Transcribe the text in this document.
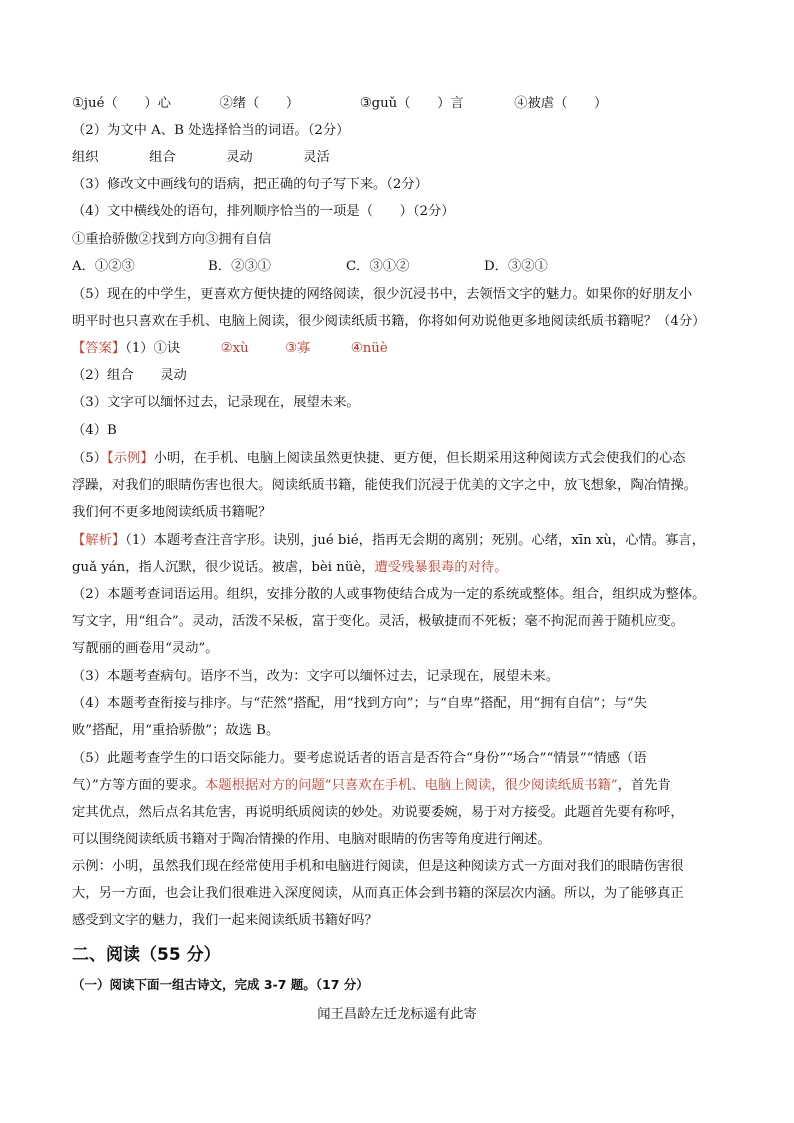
①jué（　　）心	②绪（　　）	③guǔ（　　）言	④被虐（　　）
（2）为文中 A、B 处选择恰当的词语。（2分）
组织	组合	灵动	灵活
（3）修改文中画线句的语病，把正确的句子写下来。（2分）
（4）文中横线处的语句，排列顺序恰当的一项是（　　）（2分）
①重拾骄傲②找到方向③拥有自信
A．①②③	B．②③①	C．③①②	D．③②①
（5）现在的中学生，更喜欢方便快捷的网络阅读，很少沉浸书中，去领悟文字的魅力。如果你的好朋友小
明平时也只喜欢在手机、电脑上阅读，很少阅读纸质书籍，你将如何劝说他更多地阅读纸质书籍呢？（4分）
【答案】（1）①诀	②xù	③寡	④nüè
（2）组合　　灵动
（3）文字可以缅怀过去，记录现在，展望未来。
（4）B
（5）【示例】小明，在手机、电脑上阅读虽然更快捷、更方便，但长期采用这种阅读方式会使我们的心态
浮躁，对我们的眼睛伤害也很大。阅读纸质书籍，能使我们沉浸于优美的文字之中，放飞想象，陶冶情操。
我们何不更多地阅读纸质书籍呢？
【解析】（1）本题考查注音字形。诀别，jué bié，指再无会期的离别；死别。心绪，xīn xù，心情。寡言，
guǎ yán，指人沉默，很少说话。被虐，bèi nüè，遭受残暴狠毒的对待。
（2）本题考查词语运用。组织，安排分散的人或事物使结合成为一定的系统或整体。组合，组织成为整体。
写文字，用“组合”。灵动，活泼不呆板，富于变化。灵活，极敏捷而不死板；毫不拘泥而善于随机应变。
写靓丽的画卷用“灵动”。
（3）本题考查病句。语序不当，改为：文字可以缅怀过去，记录现在，展望未来。
（4）本题考查衔接与排序。与“茫然”搭配，用“找到方向”；与“自卑”搭配，用“拥有自信”；与“失
败”搭配，用“重拾骄傲”；故选 B。
（5）此题考查学生的口语交际能力。要考虑说话者的语言是否符合“身份”“场合”“情景”“情感（语
气）”方等方面的要求。本题根据对方的问题“只喜欢在手机、电脑上阅读，很少阅读纸质书籍”，首先肯
定其优点，然后点名其危害，再说明纸质阅读的妙处。劝说要委婉，易于对方接受。此题首先要有称呼，
可以围绕阅读纸质书籍对于陶冶情操的作用、电脑对眼睛的伤害等角度进行阐述。
示例：小明，虽然我们现在经常使用手机和电脑进行阅读，但是这种阅读方式一方面对我们的眼睛伤害很
大，另一方面，也会让我们很难进入深度阅读，从而真正体会到书籍的深层次内涵。所以，为了能够真正
感受到文字的魅力，我们一起来阅读纸质书籍好吗？
二、阅读（55 分）
（一）阅读下面一组古诗文，完成 3-7 题。（17 分）
闻王昌龄左迁龙标遥有此寄
